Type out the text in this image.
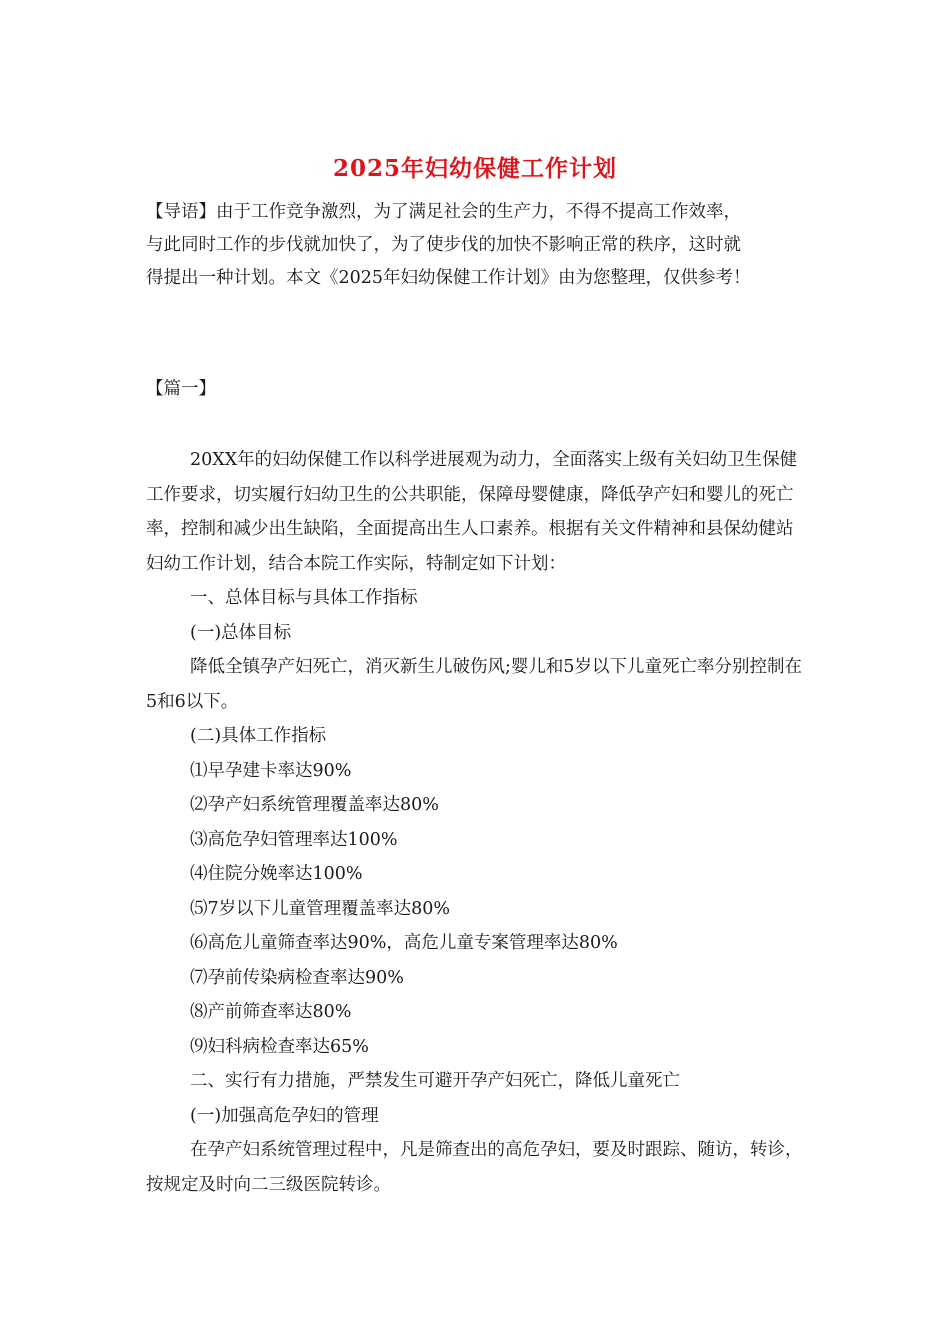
2025年妇幼保健工作计划
【导语】由于工作竞争激烈，为了满足社会的生产力，不得不提高工作效率，
与此同时工作的步伐就加快了，为了使步伐的加快不影响正常的秩序，这时就
得提出一种计划。本文《2025年妇幼保健工作计划》由为您整理，仅供参考！

【篇一】

20XX年的妇幼保健工作以科学进展观为动力，全面落实上级有关妇幼卫生保健工作要求，切实履行妇幼卫生的公共职能，保障母婴健康，降低孕产妇和婴儿的死亡率，控制和减少出生缺陷，全面提高出生人口素养。根据有关文件精神和县保幼健站妇幼工作计划，结合本院工作实际，特制定如下计划：

一、总体目标与具体工作指标

(一)总体目标

降低全镇孕产妇死亡，消灭新生儿破伤风;婴儿和5岁以下儿童死亡率分别控制在5和6以下。

(二)具体工作指标

⑴早孕建卡率达90%

⑵孕产妇系统管理覆盖率达80%

⑶高危孕妇管理率达100%

⑷住院分娩率达100%

⑸7岁以下儿童管理覆盖率达80%

⑹高危儿童筛查率达90%，高危儿童专案管理率达80%

⑺孕前传染病检查率达90%

⑻产前筛查率达80%

⑼妇科病检查率达65%

二、实行有力措施，严禁发生可避开孕产妇死亡，降低儿童死亡

(一)加强高危孕妇的管理

在孕产妇系统管理过程中，凡是筛查出的高危孕妇，要及时跟踪、随访，转诊，按规定及时向二三级医院转诊。
